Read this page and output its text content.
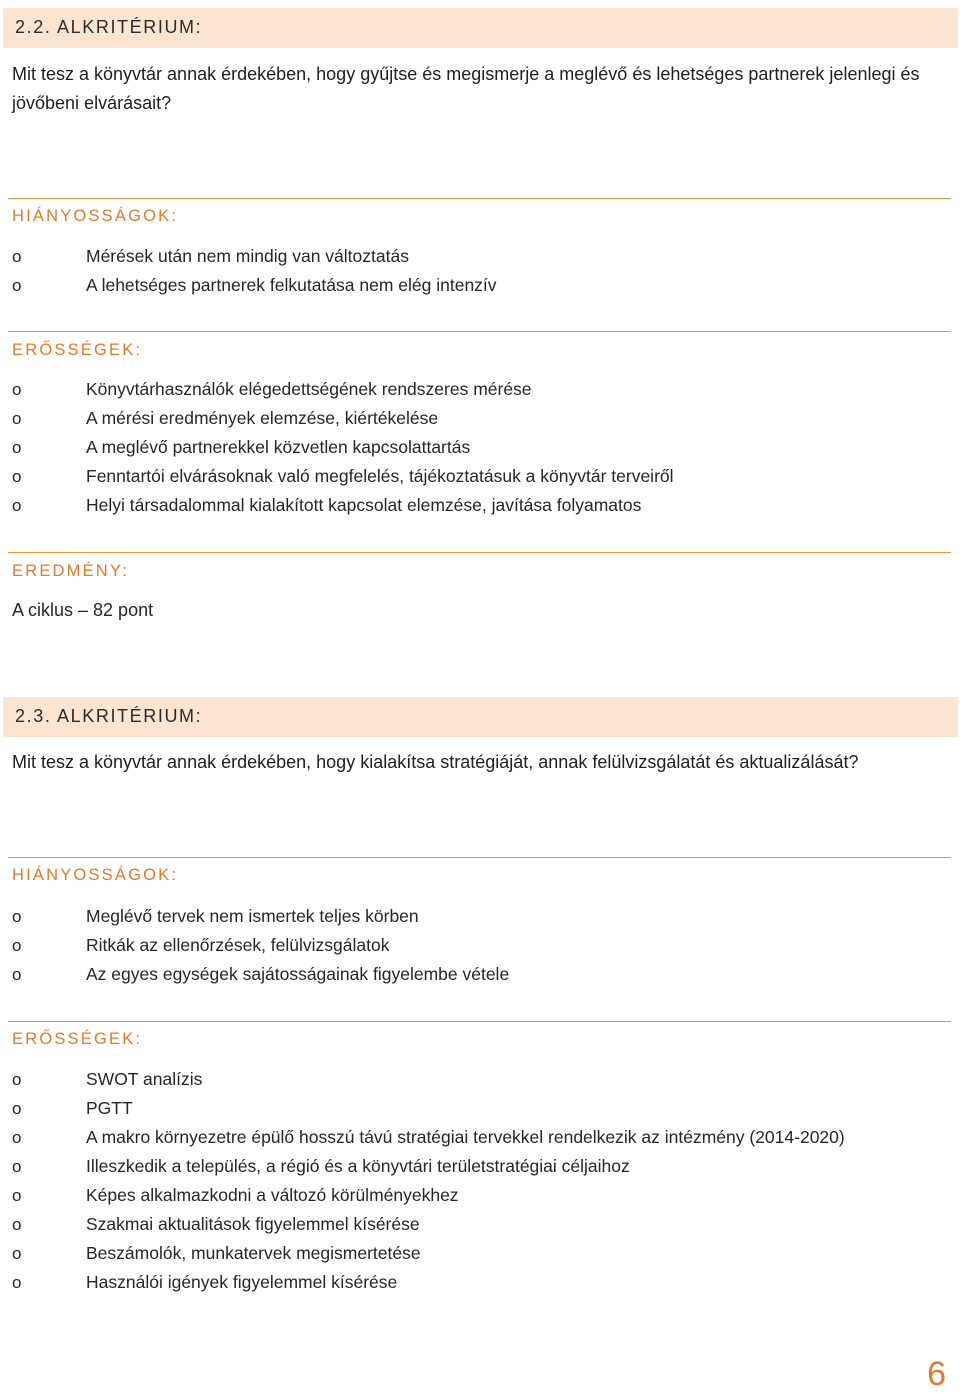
2.2. ALKRITÉRIUM:
Mit tesz a könyvtár annak érdekében, hogy gyűjtse és megismerje a meglévő és lehetséges partnerek jelenlegi és jövőbeni elvárásait?
HIÁNYOSSÁGOK:
o	Mérések után nem mindig van változtatás
o	A lehetséges partnerek felkutatása nem elég intenzív
ERŐSSÉGEK:
o	Könyvtárhasználók elégedettségének rendszeres mérése
o	A mérési eredmények elemzése, kiértékelése
o	A meglévő partnerekkel közvetlen kapcsolattartás
o	Fenntartói elvárásoknak való megfelelés, tájékoztatásuk a könyvtár terveiről
o	Helyi társadalommal kialakított kapcsolat elemzése, javítása folyamatos
EREDMÉNY:
A ciklus – 82 pont
2.3. ALKRITÉRIUM:
Mit tesz a könyvtár annak érdekében, hogy kialakítsa stratégiáját, annak felülvizsgálatát és aktualizálását?
HIÁNYOSSÁGOK:
o	Meglévő tervek nem ismertek teljes körben
o	Ritkák az ellenőrzések, felülvizsgálatok
o	Az egyes egységek sajátosságainak figyelembe vétele
ERŐSSÉGEK:
o	SWOT analízis
o	PGTT
o	A makro környezetre épülő hosszú távú stratégiai tervekkel rendelkezik az intézmény (2014-2020)
o	Illeszkedik a település, a régió és a könyvtári területstratégiai céljaihoz
o	Képes alkalmazkodni a változó körülményekhez
o	Szakmai aktualitások figyelemmel kísérése
o	Beszámolók, munkatervek megismertetése
o	Használói igények figyelemmel kísérése
6
